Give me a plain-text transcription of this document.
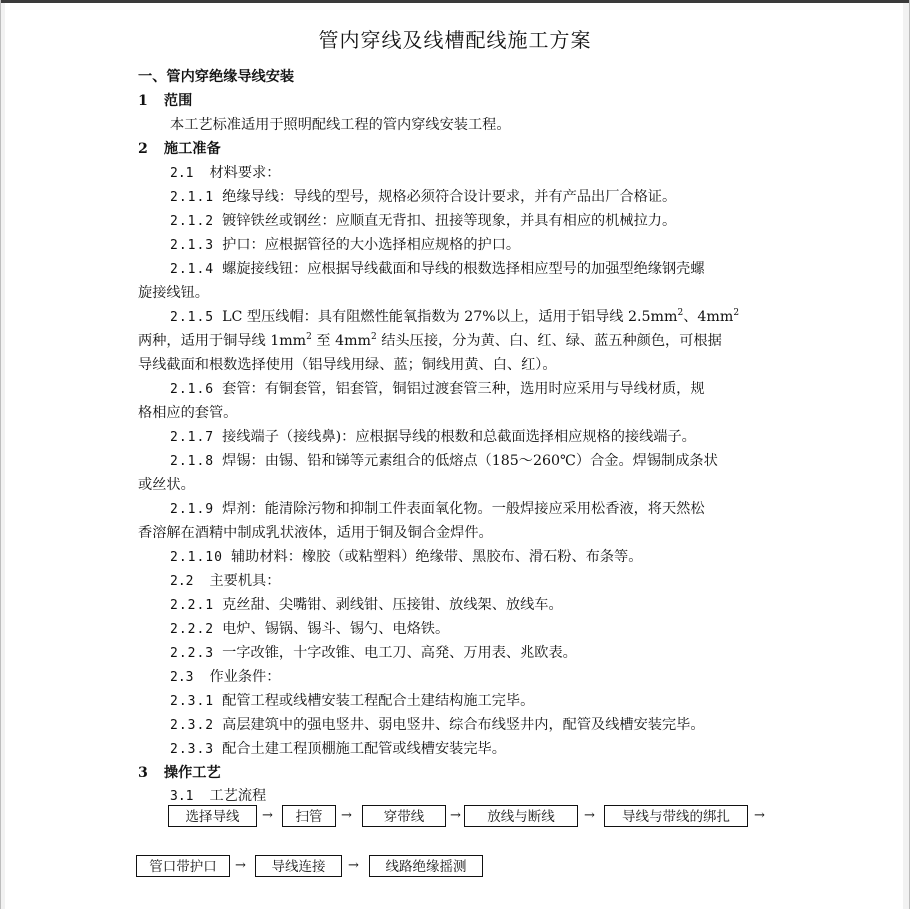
管内穿线及线槽配线施工方案
一、管内穿绝缘导线安装
1 范围
本工艺标准适用于照明配线工程的管内穿线安装工程。
2 施工准备
2.1 材料要求：
2.1.1 绝缘导线：导线的型号，规格必须符合设计要求，并有产品出厂合格证。
2.1.2 镀锌铁丝或钢丝：应顺直无背扣、扭接等现象，并具有相应的机械拉力。
2.1.3 护口：应根据管径的大小选择相应规格的护口。
2.1.4 螺旋接线钮：应根据导线截面和导线的根数选择相应型号的加强型绝缘钢壳螺
旋接线钮。
2.1.5 LC 型压线帽：具有阻燃性能氧指数为 27%以上，适用于铝导线 $2.5mm^2$、$4mm^2$
两种，适用于铜导线 $1mm^2$ 至 $4mm^2$ 结头压接，分为黄、白、红、绿、蓝五种颜色，可根据
导线截面和根数选择使用（铝导线用绿、蓝；铜线用黄、白、红）。
2.1.6 套管：有铜套管，铝套管，铜铝过渡套管三种，选用时应采用与导线材质，规
格相应的套管。
2.1.7 接线端子（接线鼻)：应根据导线的根数和总截面选择相应规格的接线端子。
2.1.8 焊锡：由锡、铅和锑等元素组合的低熔点（185～260℃）合金。焊锡制成条状
或丝状。
2.1.9 焊剂：能清除污物和抑制工件表面氧化物。一般焊接应采用松香液，将天然松
香溶解在酒精中制成乳状液体，适用于铜及铜合金焊件。
2.1.10 辅助材料：橡胶（或粘塑料）绝缘带、黑胶布、滑石粉、布条等。
2.2 主要机具：
2.2.1 克丝甜、尖嘴钳、剥线钳、压接钳、放线架、放线车。
2.2.2 电炉、锡锅、锡斗、锡勺、电烙铁。
2.2.3 一字改锥，十字改锥、电工刀、高発、万用表、兆欧表。
2.3 作业条件：
2.3.1 配管工程或线槽安装工程配合土建结构施工完毕。
2.3.2 高层建筑中的强电竖井、弱电竖井、综合布线竖井内，配管及线槽安装完毕。
2.3.3 配合土建工程顶棚施工配管或线槽安装完毕。
3 操作工艺
3.1 工艺流程
选择导线	→	扫管	→	穿带线	→	放线与断线	→	导线与带线的绑扎	→
管口带护口	→	导线连接	→	线路绝缘摇测
